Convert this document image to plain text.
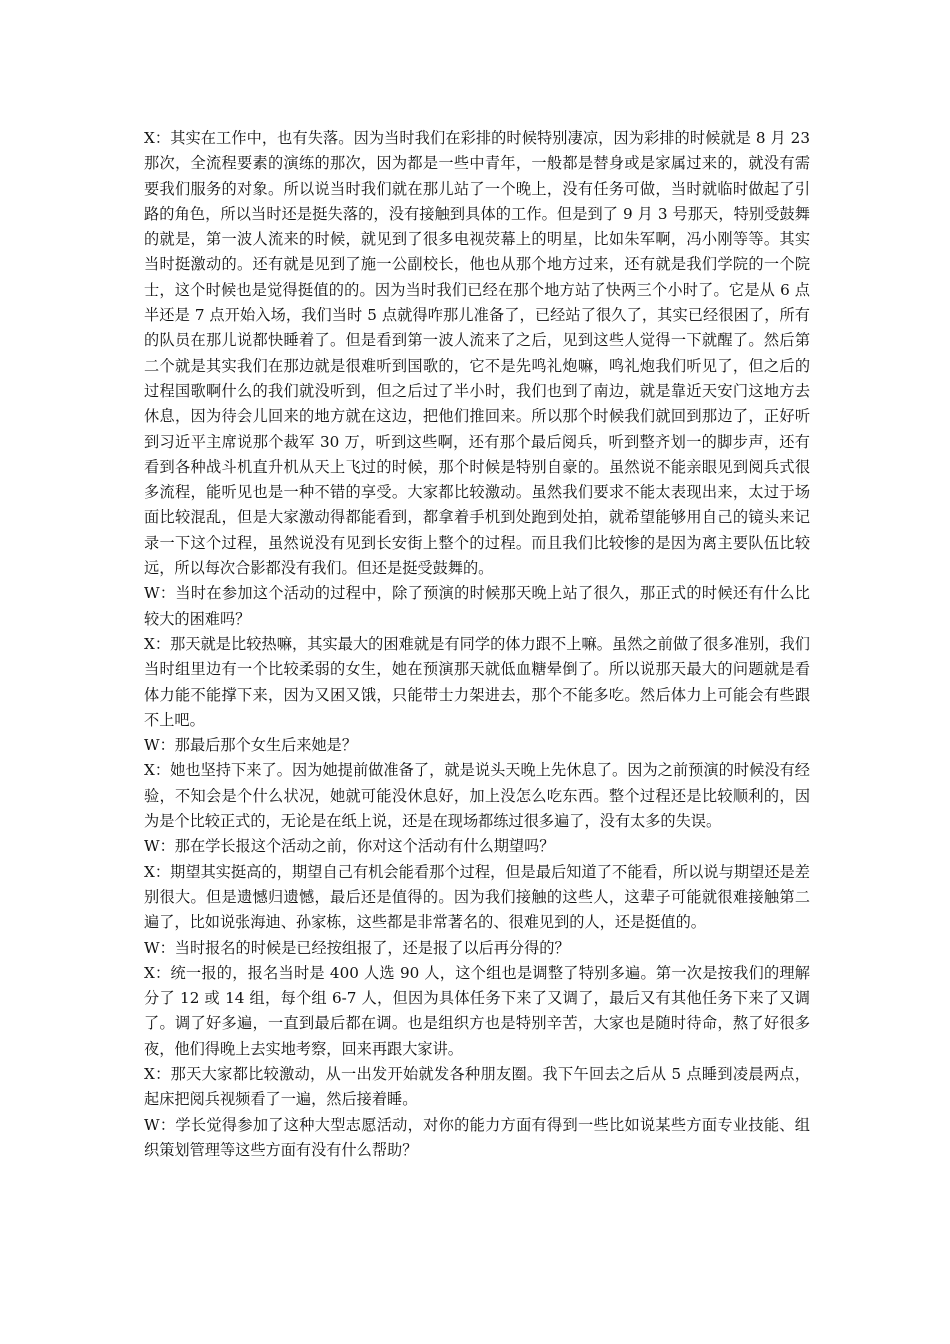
X：其实在工作中，也有失落。因为当时我们在彩排的时候特别凄凉，因为彩排的时候就是 8 月 23 那次，全流程要素的演练的那次，因为都是一些中青年，一般都是替身或是家属过来的，就没有需要我们服务的对象。所以说当时我们就在那儿站了一个晚上，没有任务可做，当时就临时做起了引路的角色，所以当时还是挺失落的，没有接触到具体的工作。但是到了 9 月 3 号那天，特别受鼓舞的就是，第一波人流来的时候，就见到了很多电视荧幕上的明星，比如朱军啊，冯小刚等等。其实当时挺激动的。还有就是见到了施一公副校长，他也从那个地方过来，还有就是我们学院的一个院士，这个时候也是觉得挺值的的。因为当时我们已经在那个地方站了快两三个小时了。它是从 6 点半还是 7 点开始入场，我们当时 5 点就得咋那儿准备了，已经站了很久了，其实已经很困了，所有的队员在那儿说都快睡着了。但是看到第一波人流来了之后，见到这些人觉得一下就醒了。然后第二个就是其实我们在那边就是很难听到国歌的，它不是先鸣礼炮嘛，鸣礼炮我们听见了，但之后的过程国歌啊什么的我们就没听到，但之后过了半小时，我们也到了南边，就是靠近天安门这地方去休息，因为待会儿回来的地方就在这边，把他们推回来。所以那个时候我们就回到那边了，正好听到习近平主席说那个裁军 30 万，听到这些啊，还有那个最后阅兵，听到整齐划一的脚步声，还有看到各种战斗机直升机从天上飞过的时候，那个时候是特别自豪的。虽然说不能亲眼见到阅兵式很多流程，能听见也是一种不错的享受。大家都比较激动。虽然我们要求不能太表现出来，太过于场面比较混乱，但是大家激动得都能看到，都拿着手机到处跑到处拍，就希望能够用自己的镜头来记录一下这个过程，虽然说没有见到长安街上整个的过程。而且我们比较惨的是因为离主要队伍比较远，所以每次合影都没有我们。但还是挺受鼓舞的。

W：当时在参加这个活动的过程中，除了预演的时候那天晚上站了很久，那正式的时候还有什么比较大的困难吗？

X：那天就是比较热嘛，其实最大的困难就是有同学的体力跟不上嘛。虽然之前做了很多准别，我们当时组里边有一个比较柔弱的女生，她在预演那天就低血糖晕倒了。所以说那天最大的问题就是看体力能不能撑下来，因为又困又饿，只能带士力架进去，那个不能多吃。然后体力上可能会有些跟不上吧。

W：那最后那个女生后来她是？

X：她也坚持下来了。因为她提前做准备了，就是说头天晚上先休息了。因为之前预演的时候没有经验，不知会是个什么状况，她就可能没休息好，加上没怎么吃东西。整个过程还是比较顺利的，因为是个比较正式的，无论是在纸上说，还是在现场都练过很多遍了，没有太多的失误。

W：那在学长报这个活动之前，你对这个活动有什么期望吗？

X：期望其实挺高的，期望自己有机会能看那个过程，但是最后知道了不能看，所以说与期望还是差别很大。但是遗憾归遗憾，最后还是值得的。因为我们接触的这些人，这辈子可能就很难接触第二遍了，比如说张海迪、孙家栋，这些都是非常著名的、很难见到的人，还是挺值的。

W：当时报名的时候是已经按组报了，还是报了以后再分得的？

X：统一报的，报名当时是 400 人选 90 人，这个组也是调整了特别多遍。第一次是按我们的理解分了 12 或 14 组，每个组 6-7 人，但因为具体任务下来了又调了，最后又有其他任务下来了又调了。调了好多遍，一直到最后都在调。也是组织方也是特别辛苦，大家也是随时待命，熬了好很多夜，他们得晚上去实地考察，回来再跟大家讲。

X：那天大家都比较激动，从一出发开始就发各种朋友圈。我下午回去之后从 5 点睡到凌晨两点，起床把阅兵视频看了一遍，然后接着睡。

W：学长觉得参加了这种大型志愿活动，对你的能力方面有得到一些比如说某些方面专业技能、组织策划管理等这些方面有没有什么帮助？
